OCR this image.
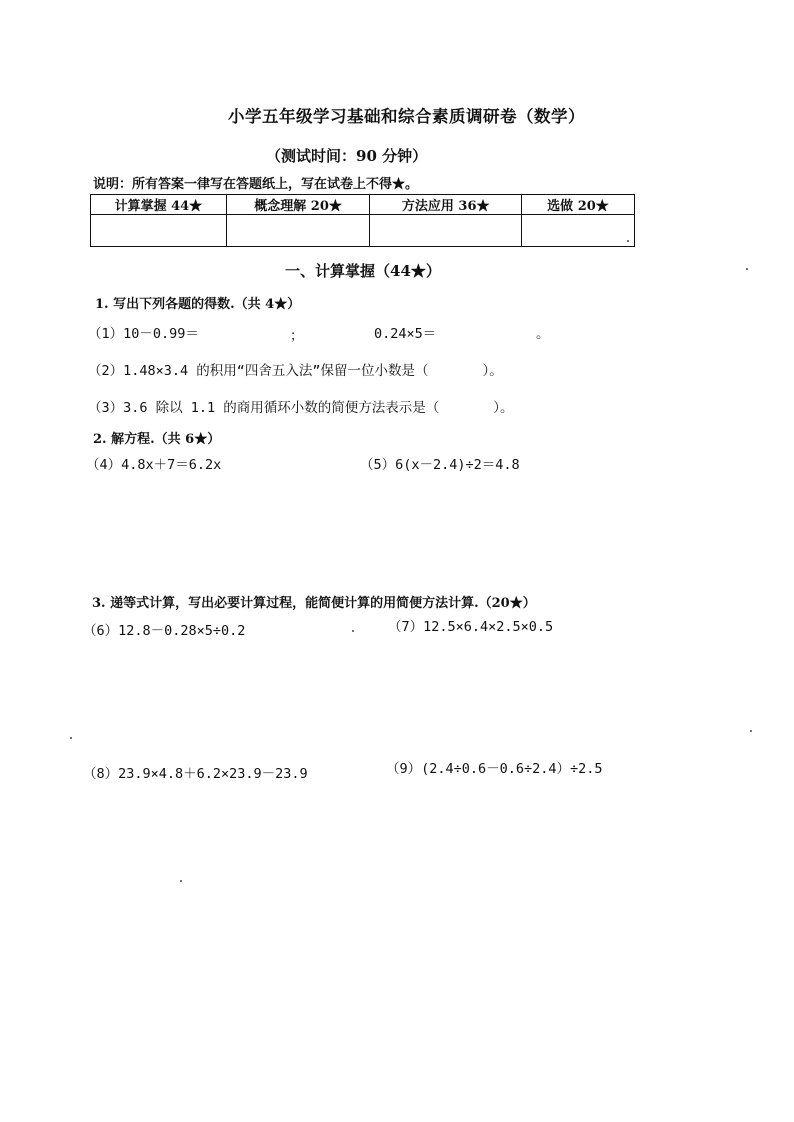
小学五年级学习基础和综合素质调研卷（数学）
（测试时间：90 分钟）
说明：所有答案一律写在答题纸上，写在试卷上不得★。
计算掌握 44★	概念理解 20★	方法应用 36★	选做 20★

一、计算掌握（44★）
1. 写出下列各题的得数.（共 4★）
（1）10－0.99＝	；	0.24×5＝	。
（2）1.48×3.4 的积用“四舍五入法”保留一位小数是（　　　　）。
（3）3.6 除以 1.1 的商用循环小数的简便方法表示是（　　　　）。
2. 解方程.（共 6★）
（4）4.8x＋7＝6.2x	（5）6(x－2.4)÷2＝4.8
3. 递等式计算，写出必要计算过程，能简便计算的用简便方法计算.（20★）
（6）12.8－0.28×5÷0.2	（7）12.5×6.4×2.5×0.5
（8）23.9×4.8＋6.2×23.9－23.9	（9）(2.4÷0.6－0.6÷2.4）÷2.5
